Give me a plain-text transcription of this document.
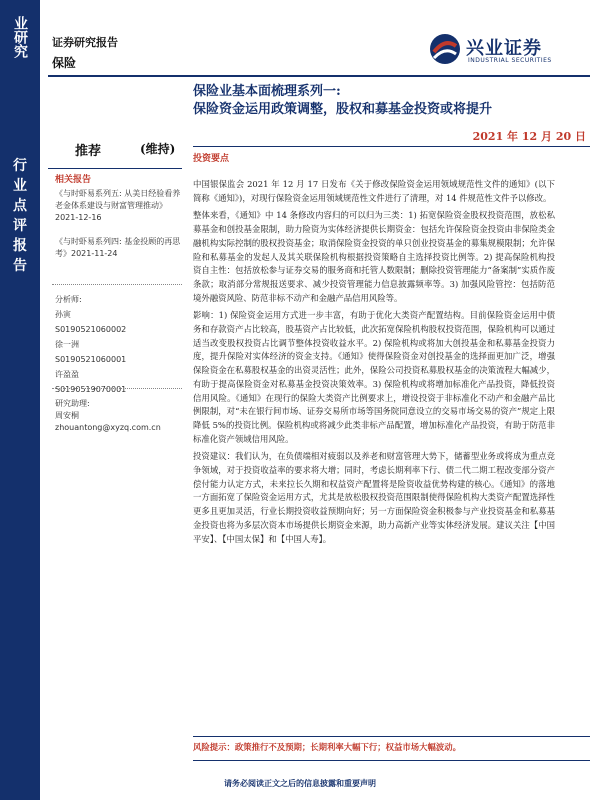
业研究
行
业
点
评
报
告
证券研究报告
保险
兴业证券
INDUSTRIAL SECURITIES
保险业基本面梳理系列一:
保险资金运用政策调整，股权和募基金投资或将提升
推荐	(维持)
2021 年 12 月 20 日
投资要点
相关报告
《与时虾易系列五: 从美日经验看养老金体系建设与财富管理推动》2021-12-16
《与时虾易系列四: 基金投顾的再思考》2021-11-24
分析师:
孙寅
S0190521060002
徐一洲
S0190521060001
许盈盈
S0190519070001
研究助理:
周安桐
zhouantong@xyzq.com.cn

中国银保监会 2021 年 12 月 17 日发布《关于修改保险资金运用领域规范性文件的通知》(以下简称《通知》)，对现行保险资金运用领域规范性文件进行了清理，对 14 件规范性文件予以修改。

整体来看，《通知》中 14 条修改内容归的可以归为三类：1) 拓宽保险资金股权投资范围，放松私募基金和创投基金限制，助力险资为实体经济提供长期资金：包括允许保险资金投资由非保险类金融机构实际控制的股权投资基金；取消保险资金投资的单只创业投资基金的募集规模限制；允许保险和私募基金的发起人及其关联保险机构根据投资策略自主选择投资比例等。2) 提高保险机构投资自主性：包括放松参与证券交易的服务商和托管人数限制；删除投资管理能力“备案制”实质作废条款；取消部分常规报送要求、减少投资管理能力信息披露频率等。3) 加强风险管控：包括防范境外融资风险、防范非标不动产和金融产品信用风险等。

影响：1) 保险资金运用方式进一步丰富，有助于优化大类资产配置结构。目前保险资金运用中债务和存款资产占比较高，股基资产占比较低，此次拓宽保险机构股权投资范围，保险机构可以通过适当改变股权投资占比调节整体投资收益水平。2) 保险机构或将加大创投基金和私募基金投资力度，提升保险对实体经济的资金支持。《通知》使得保险资金对创投基金的选择面更加广泛，增强保险资金在私募股权基金的出资灵活性；此外，保险公司投资私募股权基金的决策流程大幅减少，有助于提高保险资金对私募基金投资决策效率。3) 保险机构或将增加标准化产品投资，降低投资信用风险。《通知》在现行的保险大类资产比例要求上，增设投资于非标准化不动产和金融产品比例限制，对“未在银行间市场、证券交易所市场等国务院同意设立的交易市场交易的资产”规定上限降低 5%的投资比例。保险机构或将减少此类非标产品配置，增加标准化产品投资，有助于防范非标准化资产领域信用风险。

投资建议：我们认为，在负债端相对疲弱以及养老和财富管理大势下，储蓄型业务或将成为重点竞争领域，对于投资收益率的要求将大增；同时，考虑长期利率下行、债二代二期工程改变部分资产偿付能力认定方式，未来拉长久期和权益资产配置将是险资收益优势构建的核心。《通知》的落地一方面拓宽了保险资金运用方式，尤其是放松股权投资范围限制使得保险机构大类资产配置选择性更多且更加灵活，行业长期投资收益预期向好；另一方面保险资金积极参与产业投资基金和私募基金投资也将为多层次资本市场提供长期资金来源，助力高新产业等实体经济发展。建议关注【中国平安】、【中国太保】和【中国人寿】。

风险提示：政策推行不及预期；长期利率大幅下行；权益市场大幅波动。
请务必阅读正文之后的信息披露和重要声明
